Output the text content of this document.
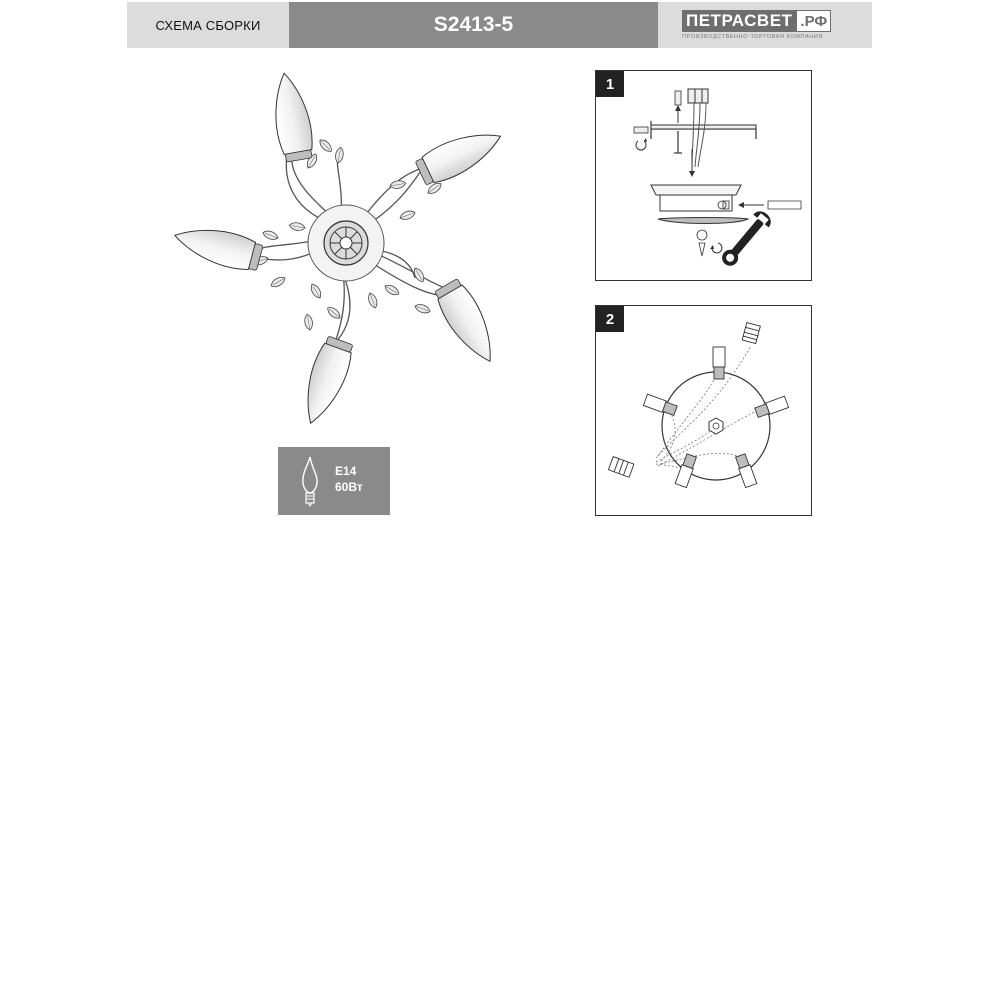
СХЕМА СБОРКИ	S2413-5	ПЕТРАСВЕТ .РФ
ПРОИЗВОДСТВЕННО-ТОРГОВАЯ КОМПАНИЯ
E14
60Вт
1
2
